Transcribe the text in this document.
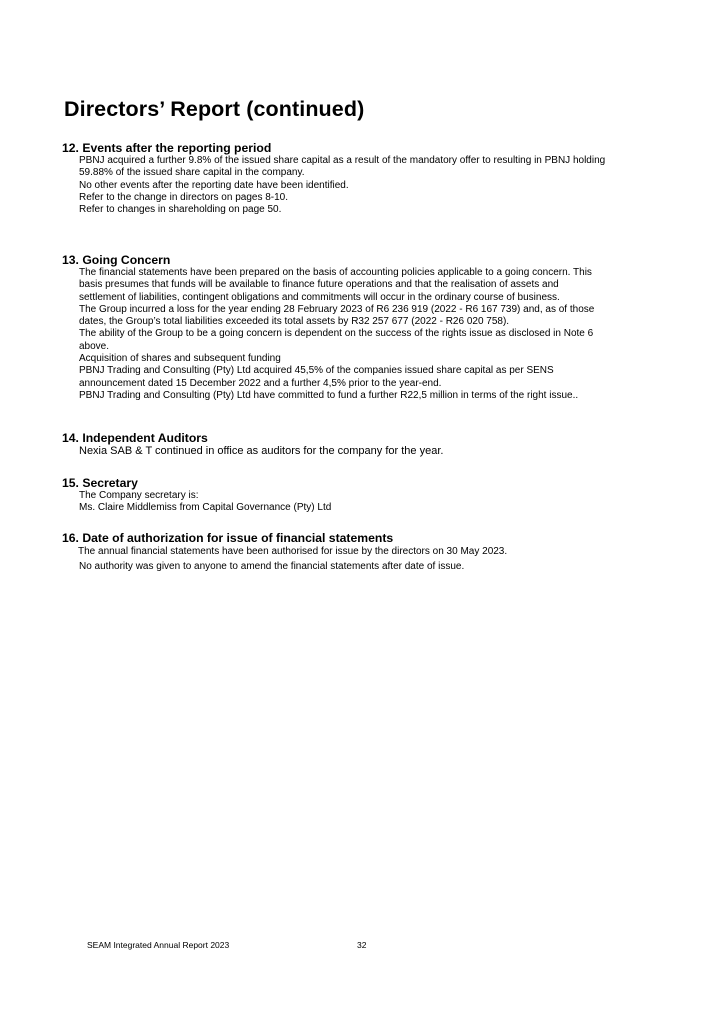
Directors’ Report (continued)
12. Events after the reporting period
PBNJ acquired a further 9.8% of the issued share capital as a result of the mandatory offer to resulting in PBNJ holding
59.88% of the issued share capital in the company.
No other events after the reporting date have been identified.
Refer to the change in directors on pages 8-10.
Refer to changes in shareholding on page 50.
13. Going Concern
The financial statements have been prepared on the basis of accounting policies applicable to a going concern. This
basis presumes that funds will be available to finance future operations and that the realisation of assets and
settlement of liabilities, contingent obligations and commitments will occur in the ordinary course of business.
The Group incurred a loss for the year ending 28 February 2023 of R6 236 919 (2022 - R6 167 739) and, as of those
dates, the Group’s total liabilities exceeded its total assets by R32 257 677 (2022 - R26 020 758).
The ability of the Group to be a going concern is dependent on the success of the rights issue as disclosed in Note 6
above.
Acquisition of shares and subsequent funding
PBNJ Trading and Consulting (Pty) Ltd acquired 45,5% of the companies issued share capital as per SENS
announcement dated 15 December 2022 and a further 4,5% prior to the year-end.
PBNJ Trading and Consulting (Pty) Ltd have committed to fund a further R22,5 million in terms of the right issue..
14. Independent Auditors
Nexia SAB & T continued in office as auditors for the company for the year.
15. Secretary
The Company secretary is:
Ms. Claire Middlemiss from Capital Governance (Pty) Ltd
16. Date of authorization for issue of financial statements
The annual financial statements have been authorised for issue by the directors on 30 May 2023.
No authority was given to anyone to amend the financial statements after date of issue.
SEAM Integrated Annual Report 2023	32
